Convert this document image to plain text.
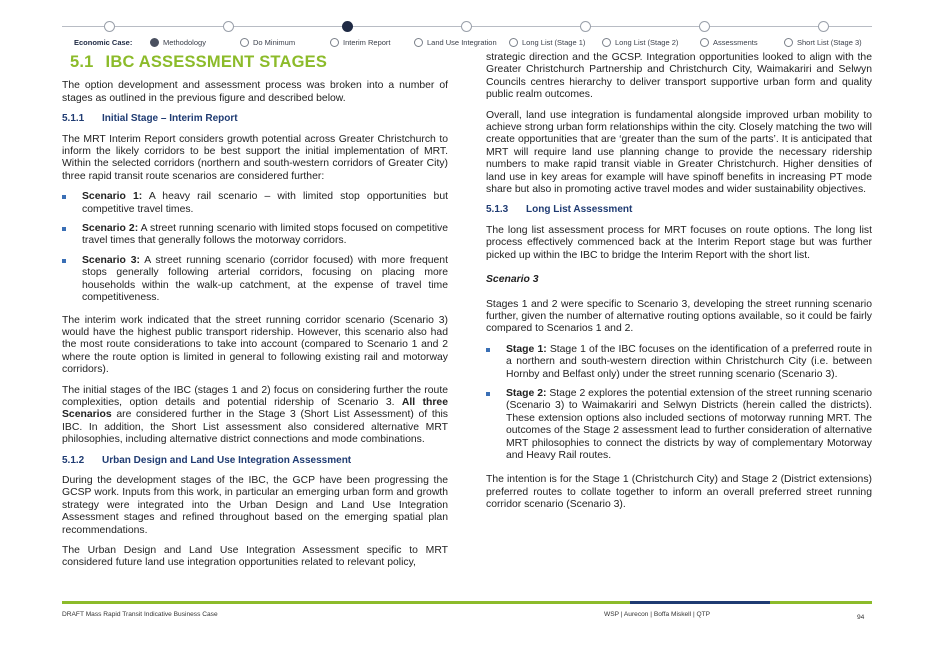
Economic Case:	Methodology	Do Minimum	Interim Report	Land Use Integration	Long List (Stage 1)	Long List (Stage 2)	Assessments	Short List (Stage 3)
5.1 IBC ASSESSMENT STAGES

The option development and assessment process was broken into a number of stages as outlined in the previous figure and described below.

5.1.1	Initial Stage – Interim Report

The MRT Interim Report considers growth potential across Greater Christchurch to inform the likely corridors to be best support the initial implementation of MRT. Within the selected corridors (northern and south-western corridors of Greater City) three rapid transit route scenarios are considered further:

Scenario 1: A heavy rail scenario – with limited stop opportunities but competitive travel times.
Scenario 2: A street running scenario with limited stops focused on competitive travel times that generally follows the motorway corridors.
Scenario 3: A street running scenario (corridor focused) with more frequent stops generally following arterial corridors, focusing on placing more households within the walk-up catchment, at the expense of travel time competitiveness.

The interim work indicated that the street running corridor scenario (Scenario 3) would have the highest public transport ridership. However, this scenario also had the most route considerations to take into account (compared to Scenario 1 and 2 where the route option is limited in general to following existing rail and motorway corridors).

The initial stages of the IBC (stages 1 and 2) focus on considering further the route complexities, option details and potential ridership of Scenario 3. All three Scenarios are considered further in the Stage 3 (Short List Assessment) of this IBC. In addition, the Short List assessment also considered alternative MRT philosophies, including alternative district connections and mode combinations.

5.1.2	Urban Design and Land Use Integration Assessment

During the development stages of the IBC, the GCP have been progressing the GCSP work. Inputs from this work, in particular an emerging urban form and growth strategy were integrated into the Urban Design and Land Use Integration Assessment stages and refined throughout based on the emerging spatial plan recommendations.

The Urban Design and Land Use Integration Assessment specific to MRT considered future land use integration opportunities related to relevant policy,

strategic direction and the GCSP. Integration opportunities looked to align with the Greater Christchurch Partnership and Christchurch City, Waimakariri and Selwyn Councils centres hierarchy to deliver transport supportive urban form and quality public realm outcomes.

Overall, land use integration is fundamental alongside improved urban mobility to achieve strong urban form relationships within the city. Closely matching the two will create opportunities that are ‘greater than the sum of the parts’. It is anticipated that MRT will require land use planning change to provide the necessary ridership numbers to make rapid transit viable in Greater Christchurch. Higher densities of land use in key areas for example will have spinoff benefits in increasing PT mode share but also in promoting active travel modes and wider sustainability objectives.

5.1.3	Long List Assessment

The long list assessment process for MRT focuses on route options. The long list process effectively commenced back at the Interim Report stage but was further picked up within the IBC to bridge the Interim Report with the short list.

Scenario 3

Stages 1 and 2 were specific to Scenario 3, developing the street running scenario further, given the number of alternative routing options available, so it could be fairly compared to Scenarios 1 and 2.

Stage 1: Stage 1 of the IBC focuses on the identification of a preferred route in a northern and south-western direction within Christchurch City (i.e. between Hornby and Belfast only) under the street running scenario (Scenario 3).
Stage 2: Stage 2 explores the potential extension of the street running scenario (Scenario 3) to Waimakariri and Selwyn Districts (herein called the districts). These extension options also included sections of motorway running MRT. The outcomes of the Stage 2 assessment lead to further consideration of alternative MRT philosophies to connect the districts by way of complementary Motorway and Heavy Rail routes.

The intention is for the Stage 1 (Christchurch City) and Stage 2 (District extensions) preferred routes to collate together to inform an overall preferred street running corridor scenario (Scenario 3).

DRAFT Mass Rapid Transit Indicative Business Case	WSP | Aurecon | Boffa Miskell | QTP	94
